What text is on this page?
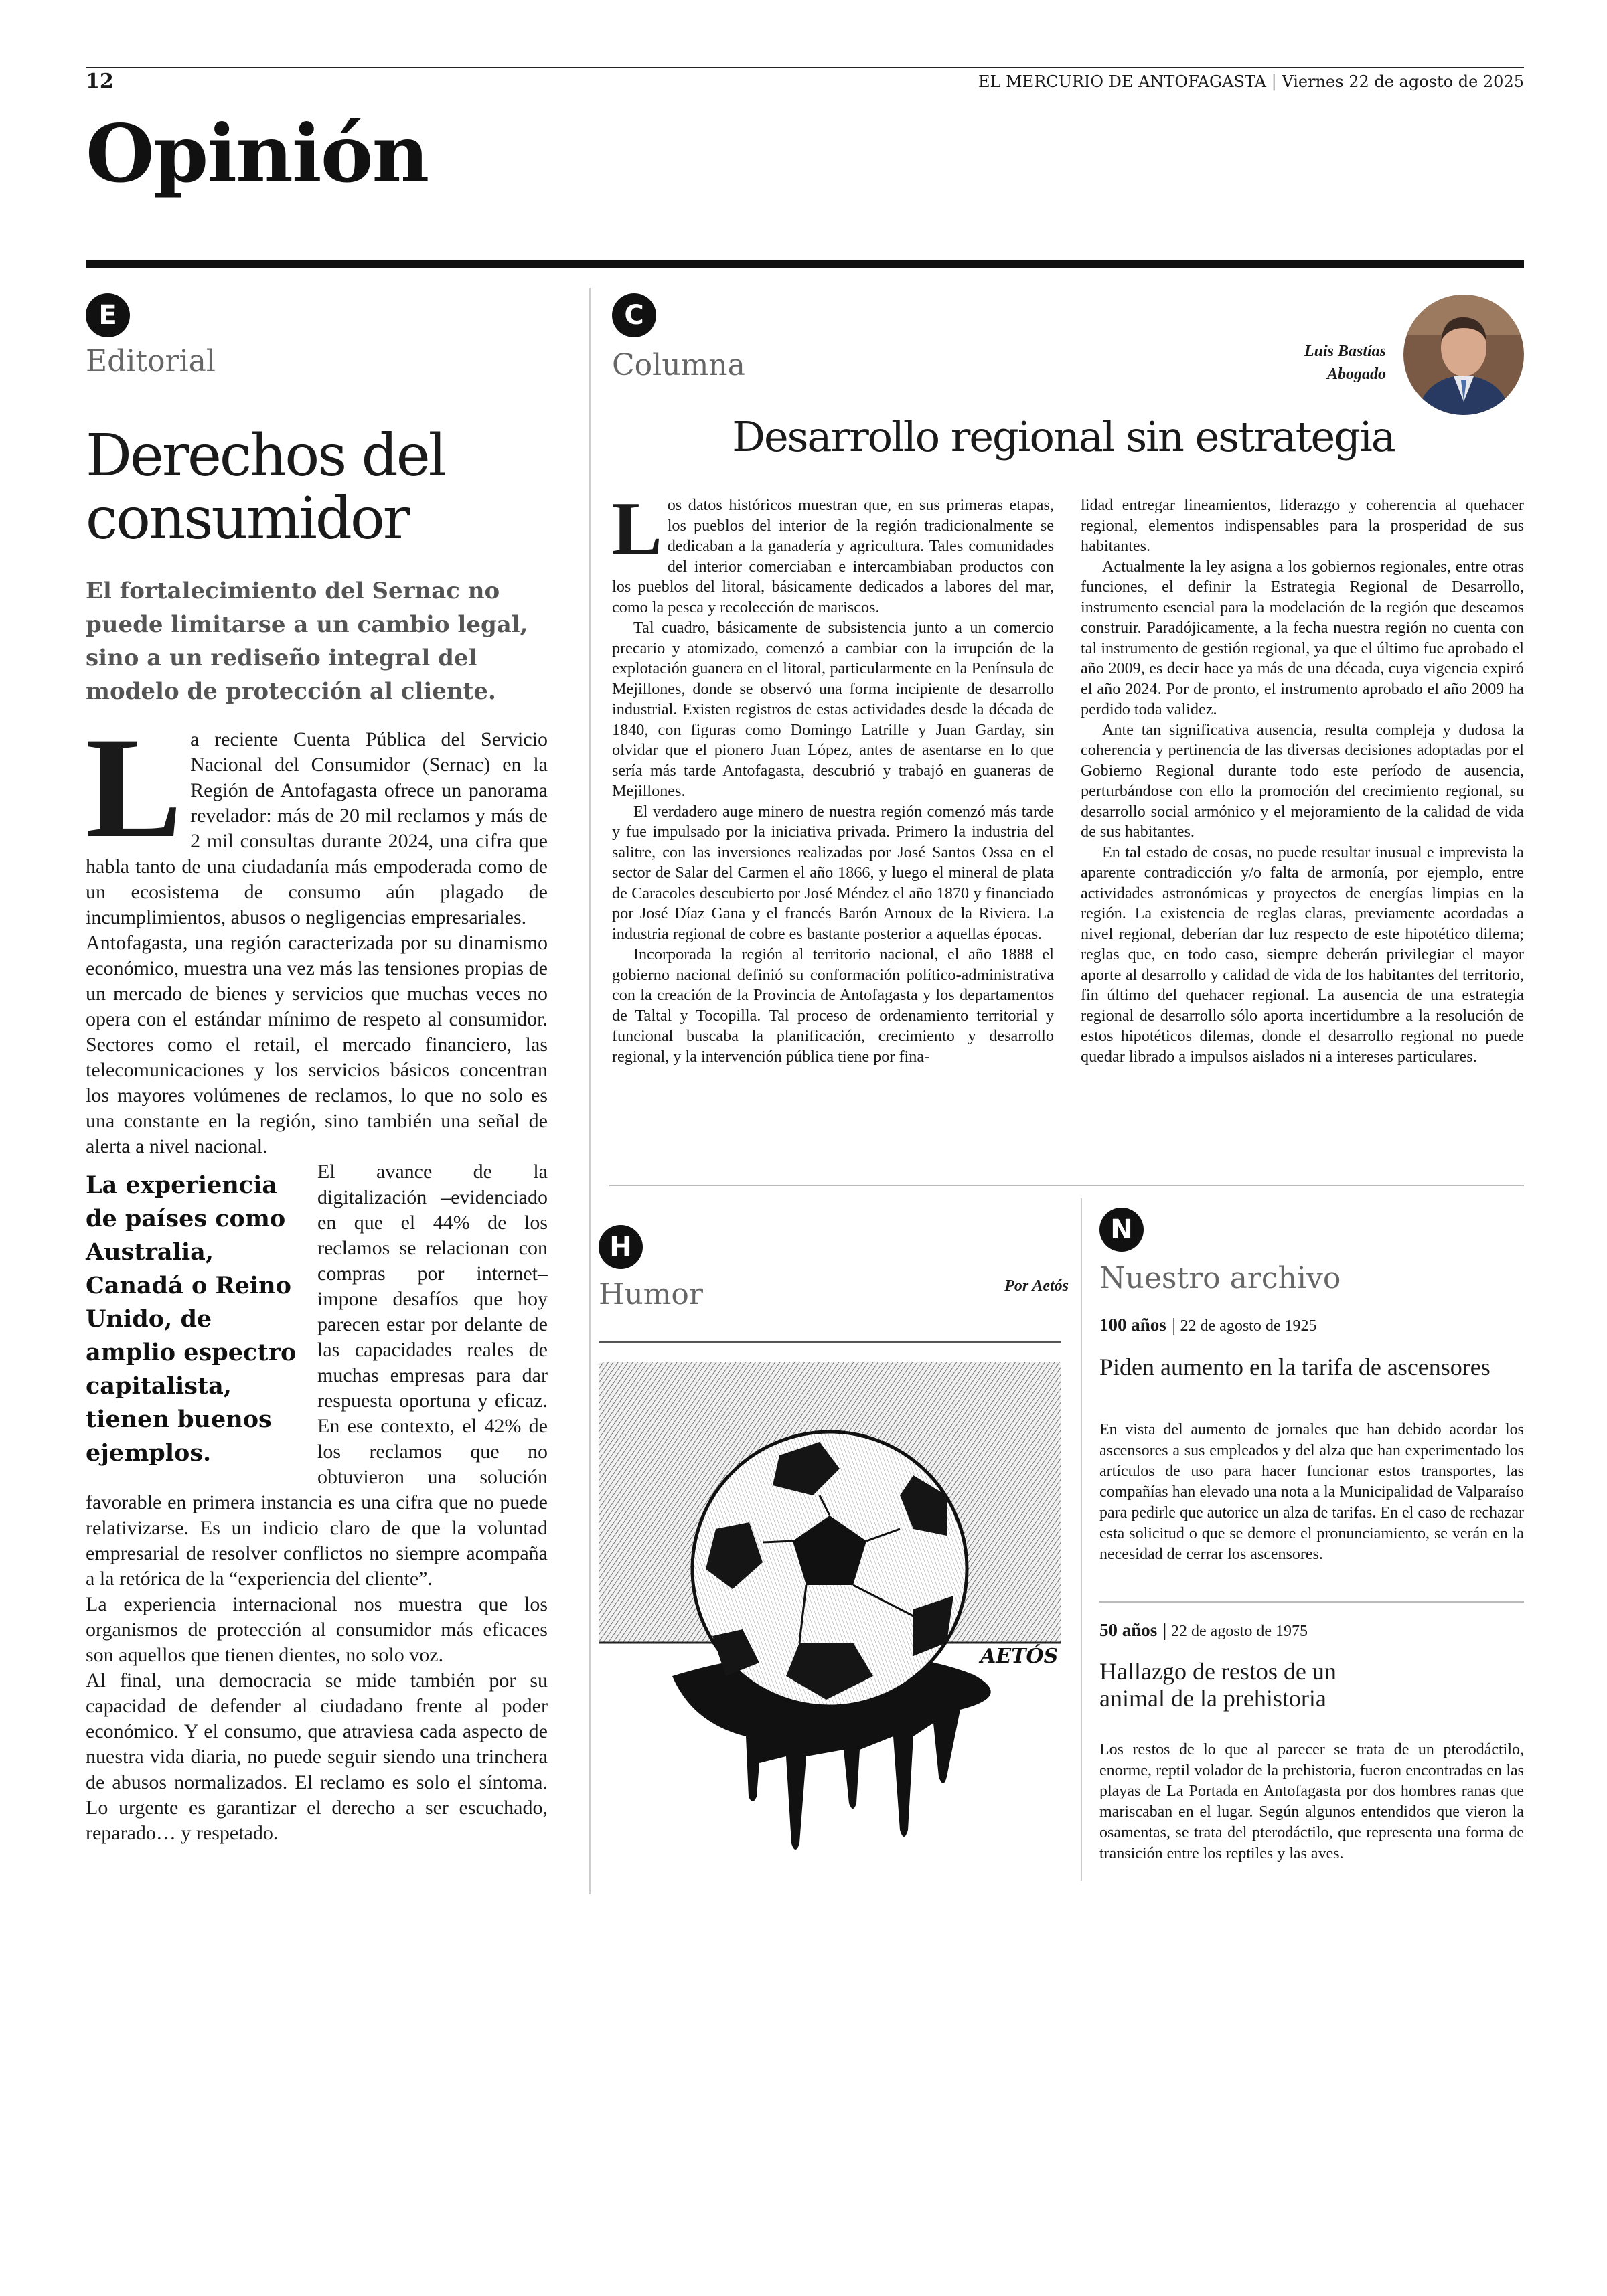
12	EL MERCURIO DE ANTOFAGASTA | Viernes 22 de agosto de 2025
Opinión
E
Editorial
Derechos del consumidor
El fortalecimiento del Sernac no puede limitarse a un cambio legal, sino a un rediseño integral del modelo de protección al cliente.

La reciente Cuenta Pública del Servicio Nacional del Consumidor (Sernac) en la Región de Antofagasta ofrece un panorama revelador: más de 20 mil reclamos y más de 2 mil consultas durante 2024, una cifra que habla tanto de una ciudadanía más empoderada como de un ecosistema de consumo aún plagado de incumplimientos, abusos o negligencias empresariales.

Antofagasta, una región caracterizada por su dinamismo económico, muestra una vez más las tensiones propias de un mercado de bienes y servicios que muchas veces no opera con el estándar mínimo de respeto al consumidor. Sectores como el retail, el mercado financiero, las telecomunicaciones y los servicios básicos concentran los mayores volúmenes de reclamos, lo que no solo es una constante en la región, sino también una señal de alerta a nivel nacional.

La experiencia de países como Australia, Canadá o Reino Unido, de amplio espectro capitalista, tienen buenos ejemplos.
El avance de la digitalización –evidenciado en que el 44% de los reclamos se relacionan con compras por internet– impone desafíos que hoy parecen estar por delante de las capacidades reales de muchas empresas para dar respuesta oportuna y eficaz. En ese contexto, el 42% de los reclamos que no obtuvieron una solución favorable en primera instancia es una cifra que no puede relativizarse. Es un indicio claro de que la voluntad empresarial de resolver conflictos no siempre acompaña a la retórica de la “experiencia del cliente”.

La experiencia internacional nos muestra que los organismos de protección al consumidor más eficaces son aquellos que tienen dientes, no solo voz.

Al final, una democracia se mide también por su capacidad de defender al ciudadano frente al poder económico. Y el consumo, que atraviesa cada aspecto de nuestra vida diaria, no puede seguir siendo una trinchera de abusos normalizados. El reclamo es solo el síntoma. Lo urgente es garantizar el derecho a ser escuchado, reparado… y respetado.

C
Columna	Luis Bastías
Abogado
Desarrollo regional sin estrategia

Los datos históricos muestran que, en sus primeras etapas, los pueblos del interior de la región tradicionalmente se dedicaban a la ganadería y agricultura. Tales comunidades del interior comerciaban e intercambiaban productos con los pueblos del litoral, básicamente dedicados a labores del mar, como la pesca y recolección de mariscos.

Tal cuadro, básicamente de subsistencia junto a un comercio precario y atomizado, comenzó a cambiar con la irrupción de la explotación guanera en el litoral, particularmente en la Península de Mejillones, donde se observó una forma incipiente de desarrollo industrial. Existen registros de estas actividades desde la década de 1840, con figuras como Domingo Latrille y Juan Garday, sin olvidar que el pionero Juan López, antes de asentarse en lo que sería más tarde Antofagasta, descubrió y trabajó en guaneras de Mejillones.

El verdadero auge minero de nuestra región comenzó más tarde y fue impulsado por la iniciativa privada. Primero la industria del salitre, con las inversiones realizadas por José Santos Ossa en el sector de Salar del Carmen el año 1866, y luego el mineral de plata de Caracoles descubierto por José Méndez el año 1870 y financiado por José Díaz Gana y el francés Barón Arnoux de la Riviera. La industria regional de cobre es bastante posterior a aquellas épocas.

Incorporada la región al territorio nacional, el año 1888 el gobierno nacional definió su conformación político-administrativa con la creación de la Provincia de Antofagasta y los departamentos de Taltal y Tocopilla. Tal proceso de ordenamiento territorial y funcional buscaba la planificación, crecimiento y desarrollo regional, y la intervención pública tiene por fina-

lidad entregar lineamientos, liderazgo y coherencia al quehacer regional, elementos indispensables para la prosperidad de sus habitantes.

Actualmente la ley asigna a los gobiernos regionales, entre otras funciones, el definir la Estrategia Regional de Desarrollo, instrumento esencial para la modelación de la región que deseamos construir. Paradójicamente, a la fecha nuestra región no cuenta con tal instrumento de gestión regional, ya que el último fue aprobado el año 2009, es decir hace ya más de una década, cuya vigencia expiró el año 2024. Por de pronto, el instrumento aprobado el año 2009 ha perdido toda validez.

Ante tan significativa ausencia, resulta compleja y dudosa la coherencia y pertinencia de las diversas decisiones adoptadas por el Gobierno Regional durante todo este período de ausencia, perturbándose con ello la promoción del crecimiento regional, su desarrollo social armónico y el mejoramiento de la calidad de vida de sus habitantes.

En tal estado de cosas, no puede resultar inusual e imprevista la aparente contradicción y/o falta de armonía, por ejemplo, entre actividades astronómicas y proyectos de energías limpias en la región. La existencia de reglas claras, previamente acordadas a nivel regional, deberían dar luz respecto de este hipotético dilema; reglas que, en todo caso, siempre deberán privilegiar el mayor aporte al desarrollo y calidad de vida de los habitantes del territorio, fin último del quehacer regional. La ausencia de una estrategia regional de desarrollo sólo aporta incertidumbre a la resolución de estos hipotéticos dilemas, donde el desarrollo regional no puede quedar librado a impulsos aislados ni a intereses particulares.

H
Humor	Por Aetós
AETÓS
N
Nuestro archivo
100 años | 22 de agosto de 1925
Piden aumento en la tarifa de ascensores
En vista del aumento de jornales que han debido acordar los ascensores a sus empleados y del alza que han experimentado los artículos de uso para hacer funcionar estos transportes, las compañías han elevado una nota a la Municipalidad de Valparaíso para pedirle que autorice un alza de tarifas. En el caso de rechazar esta solicitud o que se demore el pronunciamiento, se verán en la necesidad de cerrar los ascensores.
50 años | 22 de agosto de 1975
Hallazgo de restos de un animal de la prehistoria
Los restos de lo que al parecer se trata de un pterodáctilo, enorme, reptil volador de la prehistoria, fueron encontradas en las playas de La Portada en Antofagasta por dos hombres ranas que mariscaban en el lugar. Según algunos entendidos que vieron la osamentas, se trata del pterodáctilo, que representa una forma de transición entre los reptiles y las aves.
